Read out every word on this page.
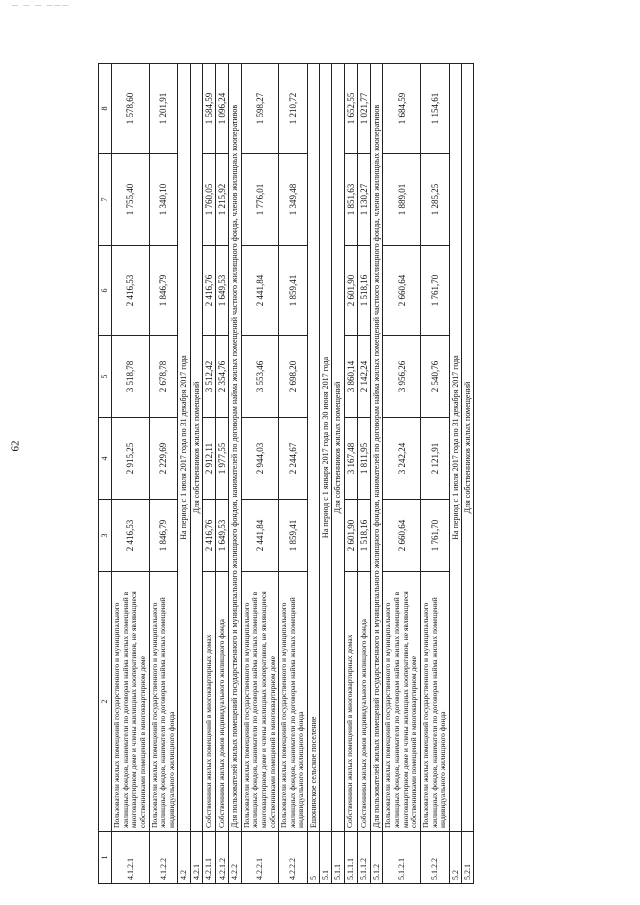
— — — ———
62
1	2	3	4	5	6	7	8
4.1.2.1	Пользователи жилых помещений государственного и муниципального жилищных фондов, наниматели по договорам найма жилых помещений в многоквартирном доме и члены жилищных кооперативов, не являющиеся собственниками помещений в многоквартирном доме	2 416,53	2 915,25	3 518,78	2 416,53	1 755,40	1 578,60
4.1.2.2	Пользователи жилых помещений государственного и муниципального жилищных фондов, наниматели по договорам найма жилых помещений индивидуального жилищного фонда	1 846,79	2 229,69	2 678,78	1 846,79	1 340,10	1 201,91
4.2	На период с 1 июля 2017 года по 31 декабря 2017 года						
4.2.1	Для собственников жилых помещений						
4.2.1.1	Собственники жилых помещений в многоквартирных домах	2 416,76	2 912,11	3 512,42	2 416,76	1 760,05	1 584,59
4.2.1.2	Собственники жилых домов индивидуального жилищного фонда	1 649,53	1 977,55	2 354,76	1 649,53	1 215,92	1 096,24
4.2.2	Для пользователей жилых помещений государственного и муниципального жилищного фондов, нанимателей по договорам найма жилых помещений частного жилищного фонда, членов жилищных кооперативов						
4.2.2.1	Пользователи жилых помещений государственного и муниципального жилищных фондов, наниматели по договорам найма жилых помещений в многоквартирном доме и члены жилищных кооперативов, не являющиеся собственниками помещений в многоквартирном доме	2 441,84	2 944,03	3 553,46	2 441,84	1 776,01	1 598,27
4.2.2.2	Пользователи жилых помещений государственного и муниципального жилищных фондов, наниматели по договорам найма жилых помещений индивидуального жилищного фонда	1 859,41	2 244,67	2 698,20	1 859,41	1 349,48	1 210,72
5	Ешонинское сельское поселение						
5.1	На период с 1 января 2017 года по 30 июня 2017 года						
5.1.1	Для собственников жилых помещений						
5.1.1.1	Собственники жилых помещений в многоквартирных домах	2 601,90	3 167,48	3 860,14	2 601,90	1 851,63	1 652,55
5.1.1.2	Собственники жилых домов индивидуального жилищного фонда	1 518,16	1 811,95	2 142,24	1 518,16	1 130,27	1 021,77
5.1.2	Для пользователей жилых помещений государственного и муниципального жилищного фондов, нанимателей по договорам найма жилых помещений частного жилищного фонда, членов жилищных кооперативов						
5.1.2.1	Пользователи жилых помещений государственного и муниципального жилищных фондов, наниматели по договорам найма жилых помещений в многоквартирном доме и члены жилищных кооперативов, не являющиеся собственниками помещений в многоквартирном доме	2 660,64	3 242,24	3 956,26	2 660,64	1 889,01	1 684,59
5.1.2.2	Пользователи жилых помещений государственного и муниципального жилищных фондов, наниматели по договорам найма жилых помещений индивидуального жилищного фонда	1 761,70	2 121,91	2 540,76	1 761,70	1 285,25	1 154,61
5.2	На период с 1 июля 2017 года по 31 декабря 2017 года						
5.2.1	Для собственников жилых помещений						
